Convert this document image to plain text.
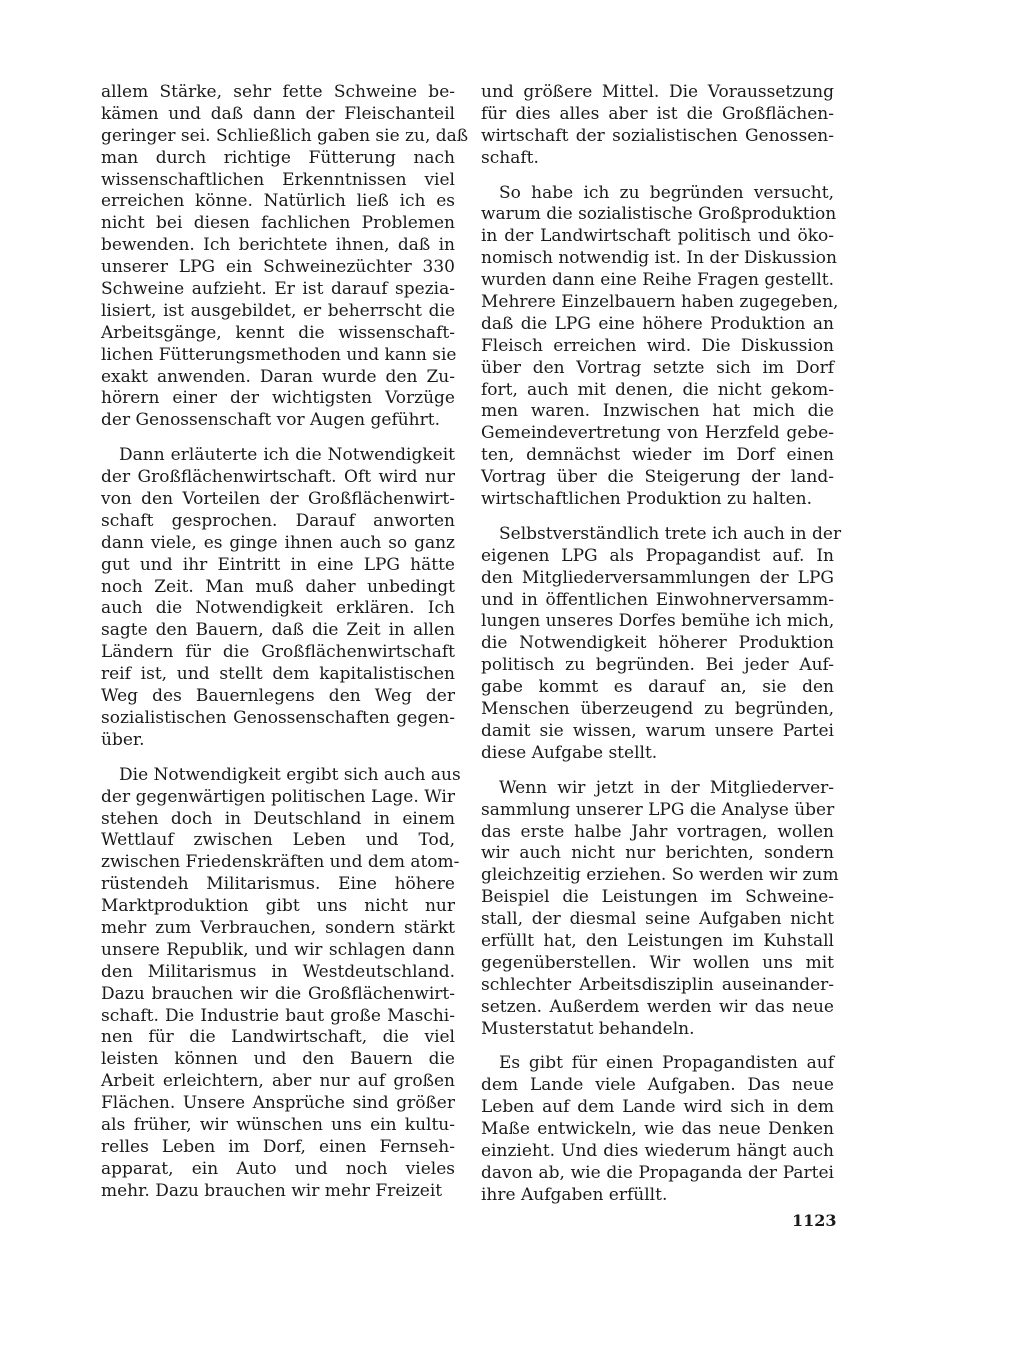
allem Stärke, sehr fette Schweine be-
kämen und daß dann der Fleischanteil
geringer sei. Schließlich gaben sie zu, daß
man durch richtige Fütterung nach
wissenschaftlichen Erkenntnissen viel
erreichen könne. Natürlich ließ ich es
nicht bei diesen fachlichen Problemen
bewenden. Ich berichtete ihnen, daß in
unserer LPG ein Schweinezüchter 330
Schweine aufzieht. Er ist darauf spezia-
lisiert, ist ausgebildet, er beherrscht die
Arbeitsgänge, kennt die wissenschaft-
lichen Fütterungsmethoden und kann sie
exakt anwenden. Daran wurde den Zu-
hörern einer der wichtigsten Vorzüge
der Genossenschaft vor Augen geführt.
Dann erläuterte ich die Notwendigkeit
der Großflächenwirtschaft. Oft wird nur
von den Vorteilen der Großflächenwirt-
schaft gesprochen. Darauf anworten
dann viele, es ginge ihnen auch so ganz
gut und ihr Eintritt in eine LPG hätte
noch Zeit. Man muß daher unbedingt
auch die Notwendigkeit erklären. Ich
sagte den Bauern, daß die Zeit in allen
Ländern für die Großflächenwirtschaft
reif ist, und stellt dem kapitalistischen
Weg des Bauernlegens den Weg der
sozialistischen Genossenschaften gegen-
über.
Die Notwendigkeit ergibt sich auch aus
der gegenwärtigen politischen Lage. Wir
stehen doch in Deutschland in einem
Wettlauf zwischen Leben und Tod,
zwischen Friedenskräften und dem atom-
rüstendeh Militarismus. Eine höhere
Marktproduktion gibt uns nicht nur
mehr zum Verbrauchen, sondern stärkt
unsere Republik, und wir schlagen dann
den Militarismus in Westdeutschland.
Dazu brauchen wir die Großflächenwirt-
schaft. Die Industrie baut große Maschi-
nen für die Landwirtschaft, die viel
leisten können und den Bauern die
Arbeit erleichtern, aber nur auf großen
Flächen. Unsere Ansprüche sind größer
als früher, wir wünschen uns ein kultu-
relles Leben im Dorf, einen Fernseh-
apparat, ein Auto und noch vieles
mehr. Dazu brauchen wir mehr Freizeit
und größere Mittel. Die Voraussetzung
für dies alles aber ist die Großflächen-
wirtschaft der sozialistischen Genossen-
schaft.
So habe ich zu begründen versucht,
warum die sozialistische Großproduktion
in der Landwirtschaft politisch und öko-
nomisch notwendig ist. In der Diskussion
wurden dann eine Reihe Fragen gestellt.
Mehrere Einzelbauern haben zugegeben,
daß die LPG eine höhere Produktion an
Fleisch erreichen wird. Die Diskussion
über den Vortrag setzte sich im Dorf
fort, auch mit denen, die nicht gekom-
men waren. Inzwischen hat mich die
Gemeindevertretung von Herzfeld gebe-
ten, demnächst wieder im Dorf einen
Vortrag über die Steigerung der land-
wirtschaftlichen Produktion zu halten.
Selbstverständlich trete ich auch in der
eigenen LPG als Propagandist auf. In
den Mitgliederversammlungen der LPG
und in öffentlichen Einwohnerversamm-
lungen unseres Dorfes bemühe ich mich,
die Notwendigkeit höherer Produktion
politisch zu begründen. Bei jeder Auf-
gabe kommt es darauf an, sie den
Menschen überzeugend zu begründen,
damit sie wissen, warum unsere Partei
diese Aufgabe stellt.
Wenn wir jetzt in der Mitgliederver-
sammlung unserer LPG die Analyse über
das erste halbe Jahr vortragen, wollen
wir auch nicht nur berichten, sondern
gleichzeitig erziehen. So werden wir zum
Beispiel die Leistungen im Schweine-
stall, der diesmal seine Aufgaben nicht
erfüllt hat, den Leistungen im Kuhstall
gegenüberstellen. Wir wollen uns mit
schlechter Arbeitsdisziplin auseinander-
setzen. Außerdem werden wir das neue
Musterstatut behandeln.
Es gibt für einen Propagandisten auf
dem Lande viele Aufgaben. Das neue
Leben auf dem Lande wird sich in dem
Maße entwickeln, wie das neue Denken
einzieht. Und dies wiederum hängt auch
davon ab, wie die Propaganda der Partei
ihre Aufgaben erfüllt.
1123
